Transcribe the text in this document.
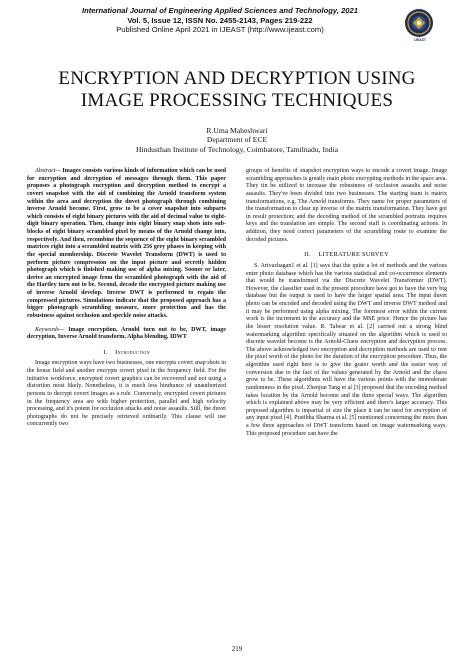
International Journal of Engineering Applied Sciences and Technology, 2021
Vol. 5, Issue 12, ISSN No. 2455-2143, Pages 219-222
Published Online April 2021 in IJEAST (http://www.ijeast.com)
IJEAST
ENCRYPTION AND DECRYPTION USING
IMAGE PROCESSING TECHNIQUES
R.Uma Maheshwari
Department of ECE
Hindusthan Institute of Technology, Coimbatore, Tamilnadu, India

Abstract— Images consists various kinds of information which can be used for encryption and decryption of messages through them. This paper proposes a photograph encryption and decryption method to encrypt a covert snapshot with the aid of combining the Arnold transform system within the area and decryption the duvet photograph through combining inverse Arnold become. First, grow to be a cover snapshot into subparts which consists of eight binary pictures with the aid of decimal value to eight-digit binary operation. Then, change into eight binary snap shots into sub-blocks of eight binary scrambled pixel by means of the Arnold change into, respectively. And then, recombine the sequence of the eight binary scrambled matrices right into a scrambled matrix with 256 grey phases in keeping with the special membership. Discrete Wavelet Transform (DWT) is used to perform picture compression on the input picture and secretly hidden photograph which is finished making use of alpha mixing. Sooner or later, derive an encrypted image from the scrambled photograph with the aid of the Hartley turn out to be. Second, decode the encrypted picture making use of inverse Arnold develop. Inverse DWT is performed to regain the compressed pictures. Simulations indicate that the proposed approach has a bigger photograph scrambling measure, more protection and has the robustness against occlusion and speckle noise attacks.

Keywords— Image encryption, Arnold turn out to be, DWT, image decryption, Inverse Arnold transform, Alpha blending, IDWT

I. Introduction

Image encryption ways have two businesses, one encrypts covert snap shots in the house field and another encrypts covert pixel in the frequency field. For the initiative workforce, encrypted covert graphics can be recovered and not using a distortion most likely. Nonetheless, it is much less hindrance of unauthorized persons to decrypt covert images as a rule. Conversely, encrypted covert pictures in the frequency area are with higher protection, parallel and high velocity processing, and it's potent for occlusion attacks and noise assaults. Still, the duvet photographs do not be precisely retrieved ordinarily. This clause will use concurrently two

groups of benefits of snapshot encryption ways to encode a covert image. Image scrambling approaches is greatly main photo encrypting methods in the space area. They tin be utilized to increase the robustness of occlusion assaults and noise assaults. They've been divided into two businesses. The starting team is matrix transformations, e.g. The Arnold transforms. They name for proper parameters of the transformation to clear up inverse of the matrix transformation. They have got in result protection; and the decoding method of the scrambled portraits requires keys and the translation are simple. The second staff is coordinating actions. In addition, they need correct parameters of the scrambling route to examine the decoded pictures.

II. LITERATURE SURVEY

S. Arivazhagan1 et al. [1] says that the quite a lot of methods and the various enter photo database which has the various statistical and co-occurrence elements that would be transformed via the Discrete Wavelet Transformer (DWT). However, the classifier used in the present procedure have got to have the very big database but the output is used to have the larger spatial area. The input duvet photo can be encoded and decoded using the DWT and inverse DWT method and it may be performed using alpha mixing. The foremost error within the current work is the increment in the accuracy and the MSE price. Hence the picture has the lesser resolution value. R. Talwar et al. [2] carried out a strong blind watermarking algorithm specifically situated on the algorithm which is used to discrete wavelet become is the Arnold-Chaos encryption and decryption process. The above acknowledged two encryption and decryption methods are used to rent the pixel worth of the photo for the duration of the encryption procedure. Thus, the algorithm used right here is to give the grater worth and the easier way of conversion due to the fact of the values generated by the Arnold and the chaos grow to be. These algorithms will have the various points with the immoderate randomness in the pixel. Zhenjun Tang et al [3] proposed that the encoding method takes location by the Arnold become and the three special ways. The algorithm which is explained above may be very efficient and there's larger accuracy. This proposed algorithm is impartial of size the place it can be used for encryption of any input pixel [4]. Pratibha Sharma et al. [5] mentioned concerning the more than a few three approaches of DWT transform based on image watermarking ways. This proposed procedure can have the

219
